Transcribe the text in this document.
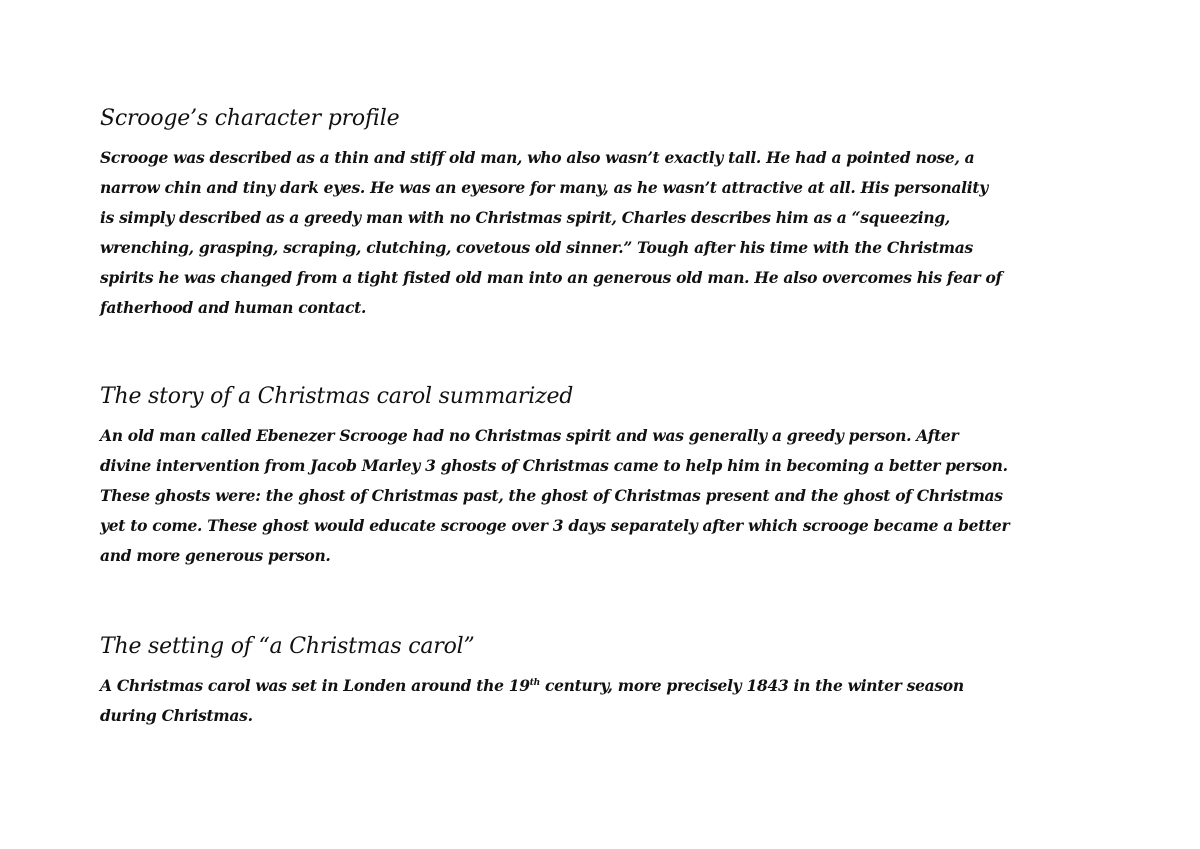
Scrooge’s character profile

Scrooge was described as a thin and stiff old man, who also wasn’t exactly tall. He had a pointed nose, a
narrow chin and tiny dark eyes. He was an eyesore for many, as he wasn’t attractive at all. His personality
is simply described as a greedy man with no Christmas spirit, Charles describes him as a “squeezing,
wrenching, grasping, scraping, clutching, covetous old sinner.” Tough after his time with the Christmas
spirits he was changed from a tight fisted old man into an generous old man. He also overcomes his fear of
fatherhood and human contact.

The story of a Christmas carol summarized

An old man called Ebenezer Scrooge had no Christmas spirit and was generally a greedy person. After
divine intervention from Jacob Marley 3 ghosts of Christmas came to help him in becoming a better person.
These ghosts were: the ghost of Christmas past, the ghost of Christmas present and the ghost of Christmas
yet to come. These ghost would educate scrooge over 3 days separately after which scrooge became a better
and more generous person.

The setting of “a Christmas carol”

A Christmas carol was set in Londen around the 19th century, more precisely 1843 in the winter season
during Christmas.
